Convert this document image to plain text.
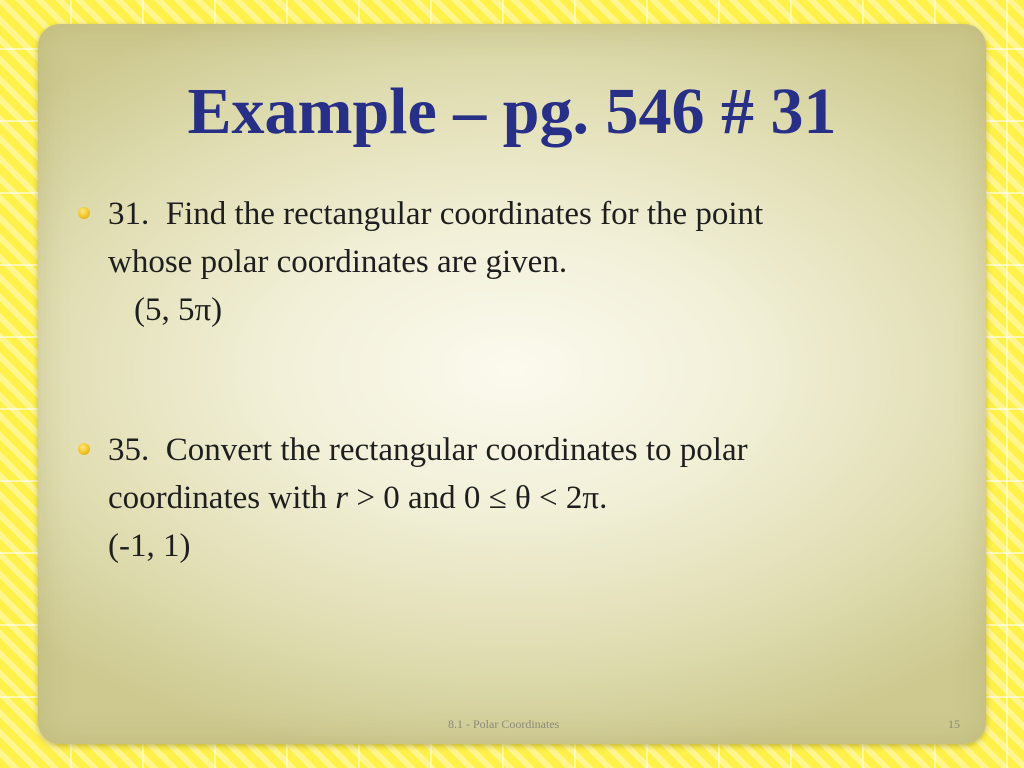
Example – pg. 546 # 31
31.  Find the rectangular coordinates for the point
whose polar coordinates are given.
(5, 5π)
35.  Convert the rectangular coordinates to polar
coordinates with r > 0 and 0 ≤ θ < 2π.
(-1, 1)
8.1 - Polar Coordinates	15
